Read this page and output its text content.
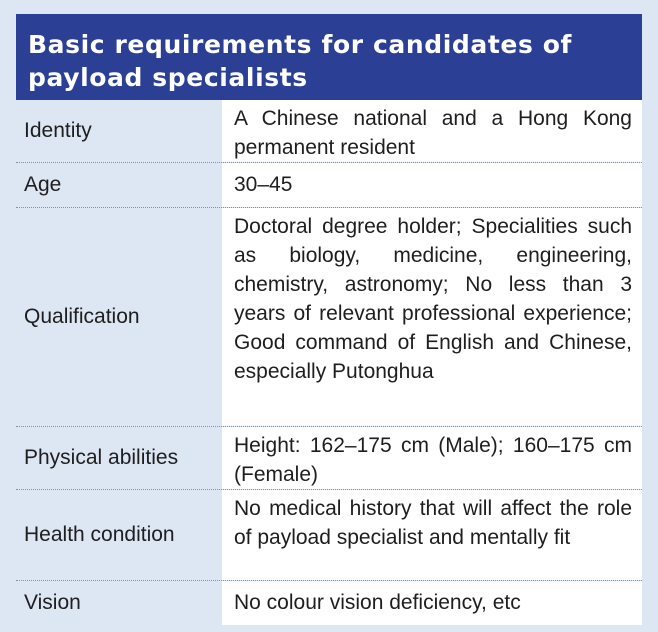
Basic requirements for candidates of payload specialists

Identity
A Chinese national and a Hong Kong permanent resident
Age	30–45
Qualification
Doctoral degree holder; Specialities such as biology, medicine, engineering, chemistry, astronomy; No less than 3 years of relevant professional experience; Good command of English and Chinese, especially Putonghua
Physical abilities
Height: 162–175 cm (Male); 160–175 cm (Female)
Health condition
No medical history that will affect the role of payload specialist and mentally fit
Vision	No colour vision deficiency, etc
